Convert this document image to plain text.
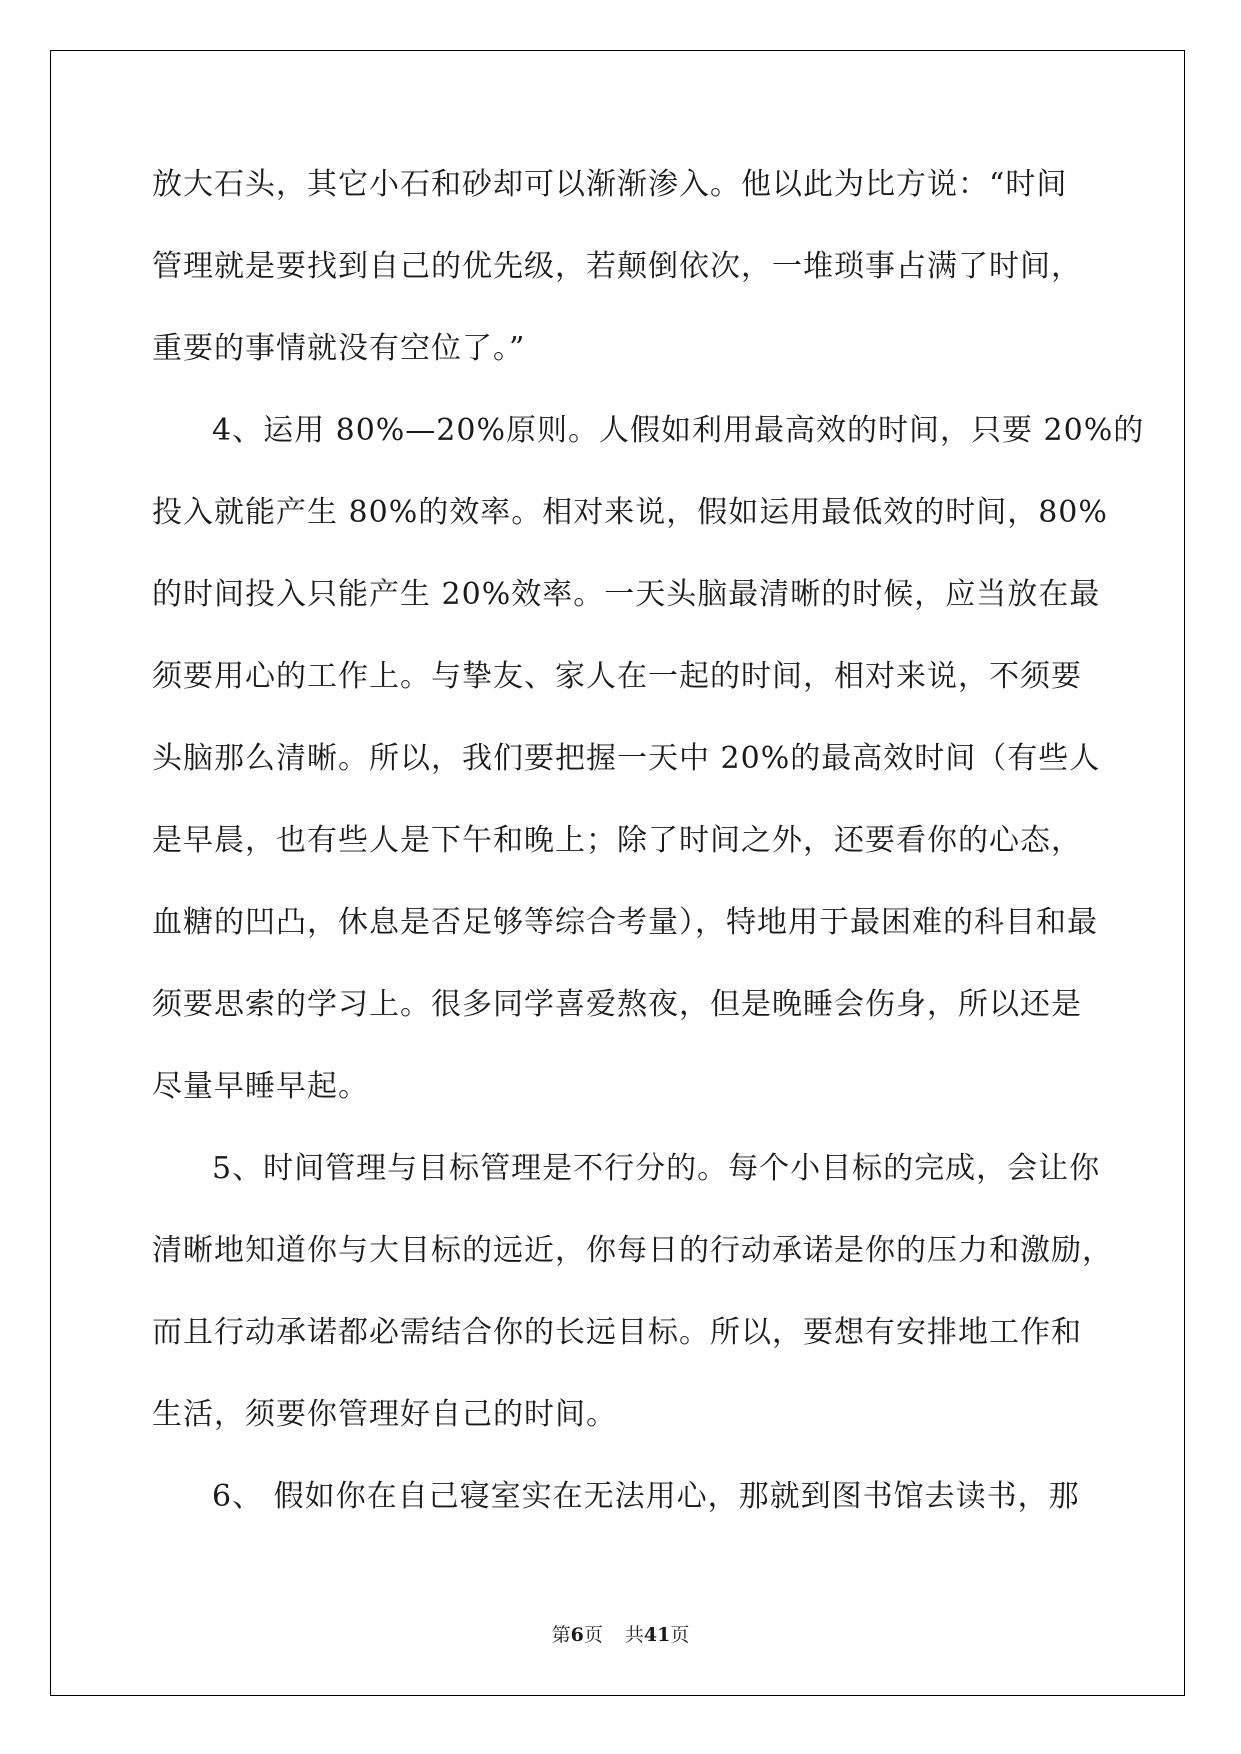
放大石头，其它小石和砂却可以渐渐渗入。他以此为比方说：“时间
管理就是要找到自己的优先级，若颠倒依次，一堆琐事占满了时间，
重要的事情就没有空位了。”
4、运用 80%—20%原则。人假如利用最高效的时间，只要 20%的
投入就能产生 80%的效率。相对来说，假如运用最低效的时间，80%
的时间投入只能产生 20%效率。一天头脑最清晰的时候，应当放在最
须要用心的工作上。与挚友、家人在一起的时间，相对来说，不须要
头脑那么清晰。所以，我们要把握一天中 20%的最高效时间（有些人
是早晨，也有些人是下午和晚上；除了时间之外，还要看你的心态，
血糖的凹凸，休息是否足够等综合考量），特地用于最困难的科目和最
须要思索的学习上。很多同学喜爱熬夜，但是晚睡会伤身，所以还是
尽量早睡早起。
5、时间管理与目标管理是不行分的。每个小目标的完成，会让你
清晰地知道你与大目标的远近，你每日的行动承诺是你的压力和激励，
而且行动承诺都必需结合你的长远目标。所以，要想有安排地工作和
生活，须要你管理好自己的时间。
6、 假如你在自己寝室实在无法用心，那就到图书馆去读书，那
第6页 共41页
